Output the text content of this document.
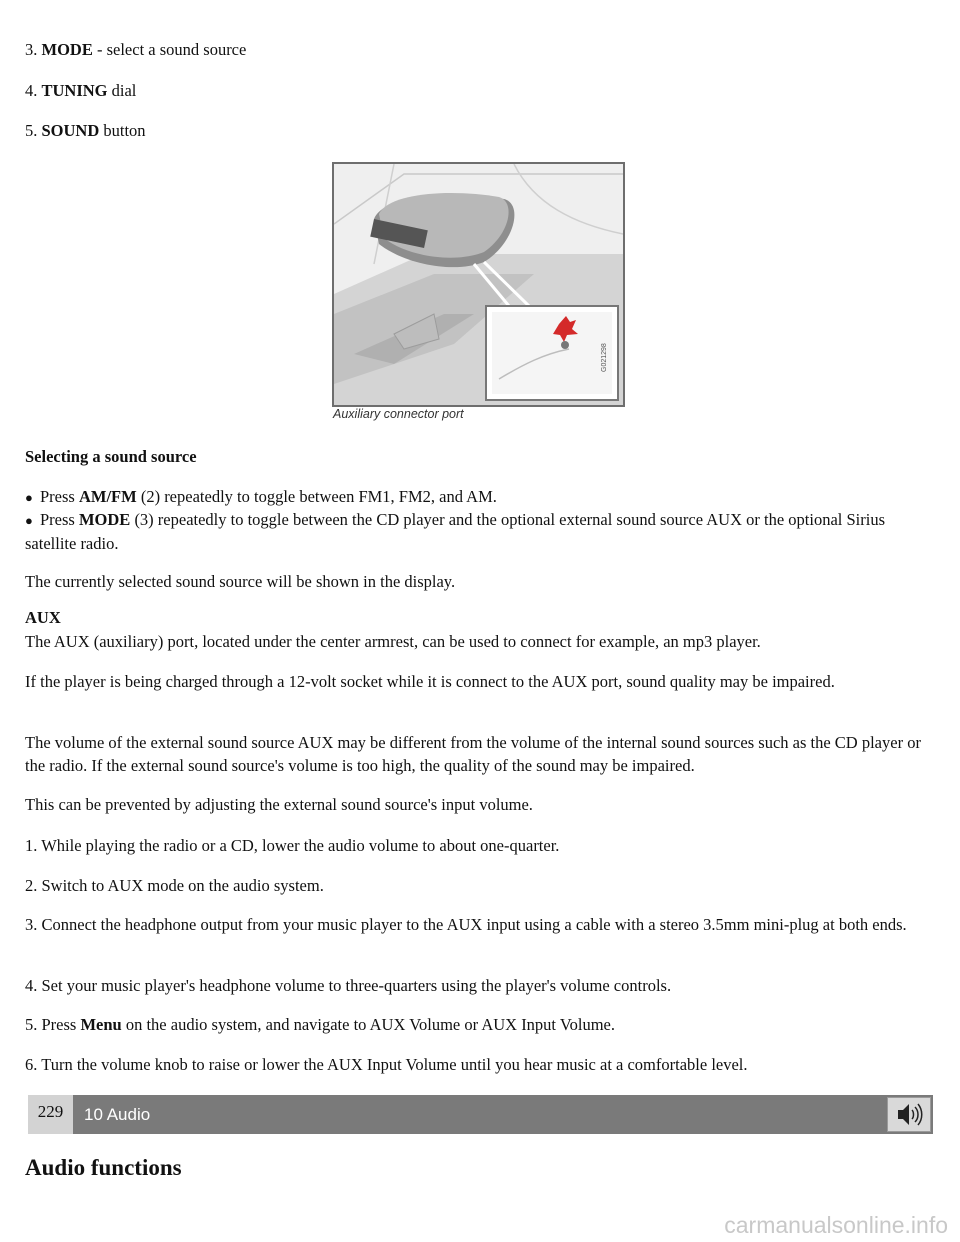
3. MODE - select a sound source
4. TUNING dial
5. SOUND button
G021298
Auxiliary connector port
Selecting a sound source
● Press AM/FM (2) repeatedly to toggle between FM1, FM2, and AM.
● Press MODE (3) repeatedly to toggle between the CD player and the optional external sound source AUX or the optional Sirius satellite radio.
The currently selected sound source will be shown in the display.
AUX
The AUX (auxiliary) port, located under the center armrest, can be used to connect for example, an mp3 player.
If the player is being charged through a 12-volt socket while it is connect to the AUX port, sound quality may be impaired.
The volume of the external sound source AUX may be different from the volume of the internal sound sources such as the CD player or the radio. If the external sound source's volume is too high, the quality of the sound may be impaired.
This can be prevented by adjusting the external sound source's input volume.
1. While playing the radio or a CD, lower the audio volume to about one-quarter.
2. Switch to AUX mode on the audio system.
3. Connect the headphone output from your music player to the AUX input using a cable with a stereo 3.5mm mini-plug at both ends.
4. Set your music player's headphone volume to three-quarters using the player's volume controls.
5. Press Menu on the audio system, and navigate to AUX Volume or AUX Input Volume.
6. Turn the volume knob to raise or lower the AUX Input Volume until you hear music at a comfortable level.
229	10 Audio
Audio functions
carmanualsonline.info
